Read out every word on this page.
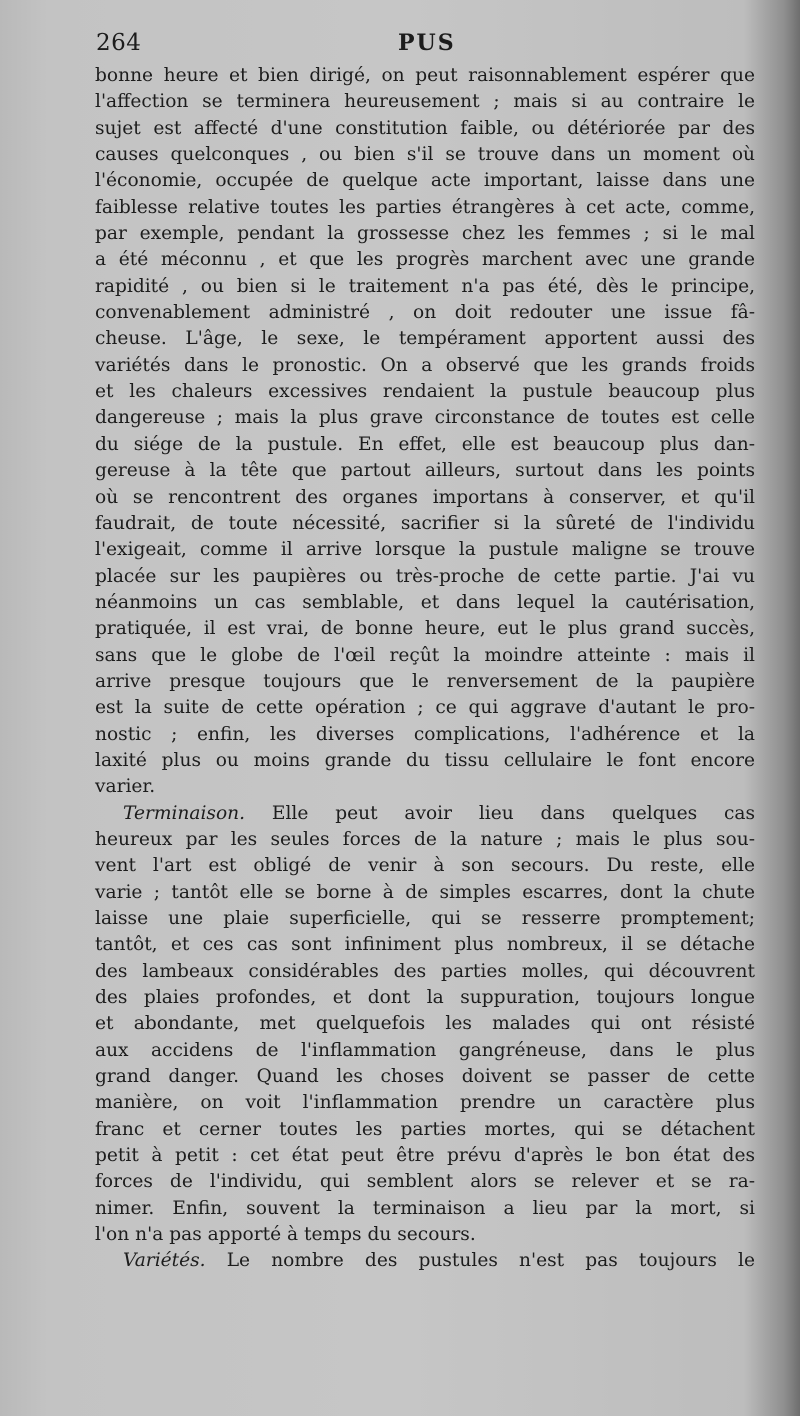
264	PUS

bonne heure et bien dirigé, on peut raisonnablement espérer que
l'affection se terminera heureusement ; mais si au contraire le
sujet est affecté d'une constitution faible, ou détériorée par des
causes quelconques , ou bien s'il se trouve dans un moment où
l'économie, occupée de quelque acte important, laisse dans une
faiblesse relative toutes les parties étrangères à cet acte, comme,
par exemple, pendant la grossesse chez les femmes ; si le mal
a été méconnu , et que les progrès marchent avec une grande
rapidité , ou bien si le traitement n'a pas été, dès le principe,
convenablement administré , on doit redouter une issue fâ-
cheuse. L'âge, le sexe, le tempérament apportent aussi des
variétés dans le pronostic. On a observé que les grands froids
et les chaleurs excessives rendaient la pustule beaucoup plus
dangereuse ; mais la plus grave circonstance de toutes est celle
du siége de la pustule. En effet, elle est beaucoup plus dan-
gereuse à la tête que partout ailleurs, surtout dans les points
où se rencontrent des organes importans à conserver, et qu'il
faudrait, de toute nécessité, sacrifier si la sûreté de l'individu
l'exigeait, comme il arrive lorsque la pustule maligne se trouve
placée sur les paupières ou très-proche de cette partie. J'ai vu
néanmoins un cas semblable, et dans lequel la cautérisation,
pratiquée, il est vrai, de bonne heure, eut le plus grand succès,
sans que le globe de l'œil reçût la moindre atteinte : mais il
arrive presque toujours que le renversement de la paupière
est la suite de cette opération ; ce qui aggrave d'autant le pro-
nostic ; enfin, les diverses complications, l'adhérence et la
laxité plus ou moins grande du tissu cellulaire le font encore
varier.

Terminaison. Elle peut avoir lieu dans quelques cas
heureux par les seules forces de la nature ; mais le plus sou-
vent l'art est obligé de venir à son secours. Du reste, elle
varie ; tantôt elle se borne à de simples escarres, dont la chute
laisse une plaie superficielle, qui se resserre promptement;
tantôt, et ces cas sont infiniment plus nombreux, il se détache
des lambeaux considérables des parties molles, qui découvrent
des plaies profondes, et dont la suppuration, toujours longue
et abondante, met quelquefois les malades qui ont résisté
aux accidens de l'inflammation gangréneuse, dans le plus
grand danger. Quand les choses doivent se passer de cette
manière, on voit l'inflammation prendre un caractère plus
franc et cerner toutes les parties mortes, qui se détachent
petit à petit : cet état peut être prévu d'après le bon état des
forces de l'individu, qui semblent alors se relever et se ra-
nimer. Enfin, souvent la terminaison a lieu par la mort, si
l'on n'a pas apporté à temps du secours.

Variétés. Le nombre des pustules n'est pas toujours le
